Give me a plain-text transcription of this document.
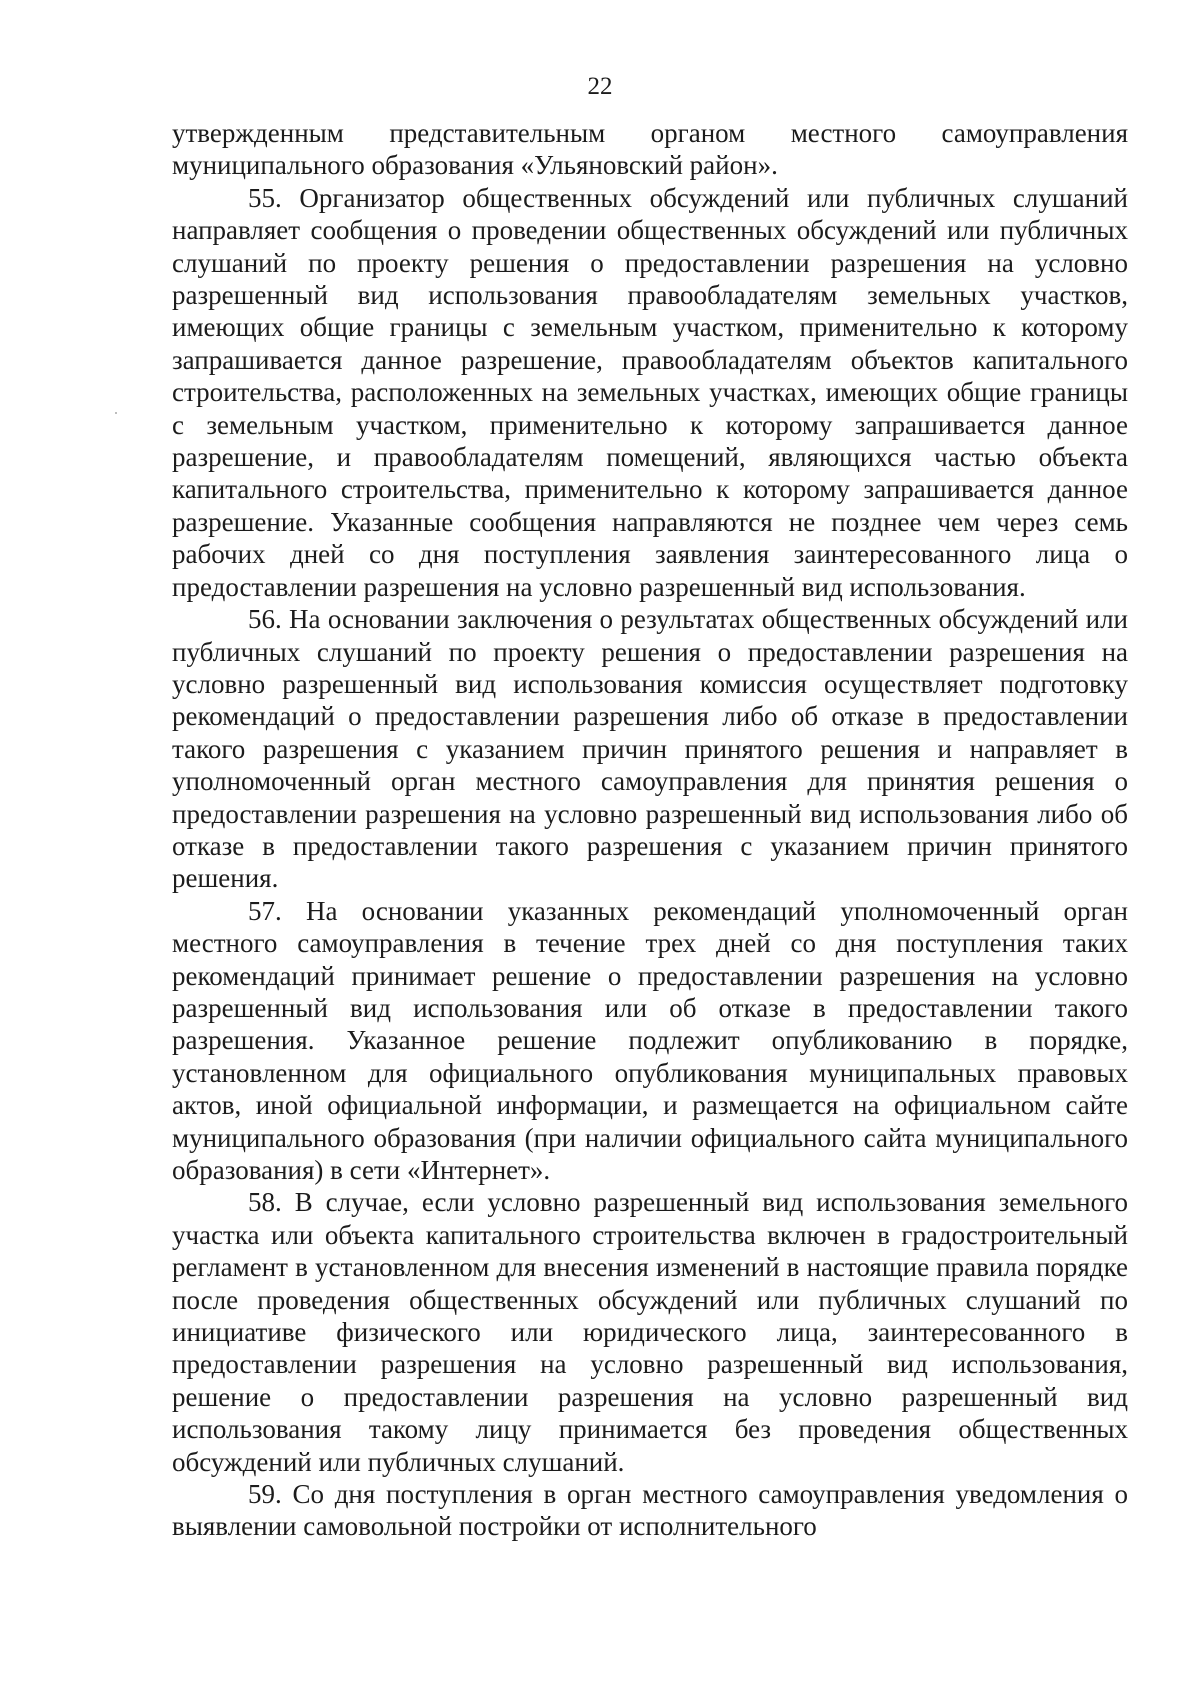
22

утвержденным представительным органом местного самоуправления муниципального образования «Ульяновский район».

55. Организатор общественных обсуждений или публичных слушаний направляет сообщения о проведении общественных обсуждений или публичных слушаний по проекту решения о предоставлении разрешения на условно разрешенный вид использования правообладателям земельных участков, имеющих общие границы с земельным участком, применительно к которому запрашивается данное разрешение, правообладателям объектов капитального строительства, расположенных на земельных участках, имеющих общие границы с земельным участком, применительно к которому запрашивается данное разрешение, и правообладателям помещений, являющихся частью объекта капитального строительства, применительно к которому запрашивается данное разрешение. Указанные сообщения направляются не позднее чем через семь рабочих дней со дня поступления заявления заинтересованного лица о предоставлении разрешения на условно разрешенный вид использования.

56. На основании заключения о результатах общественных обсуждений или публичных слушаний по проекту решения о предоставлении разрешения на условно разрешенный вид использования комиссия осуществляет подготовку рекомендаций о предоставлении разрешения либо об отказе в предоставлении такого разрешения с указанием причин принятого решения и направляет в уполномоченный орган местного самоуправления для принятия решения о предоставлении разрешения на условно разрешенный вид использования либо об отказе в предоставлении такого разрешения с указанием причин принятого решения.

57. На основании указанных рекомендаций уполномоченный орган местного самоуправления в течение трех дней со дня поступления таких рекомендаций принимает решение о предоставлении разрешения на условно разрешенный вид использования или об отказе в предоставлении такого разрешения. Указанное решение подлежит опубликованию в порядке, установленном для официального опубликования муниципальных правовых актов, иной официальной информации, и размещается на официальном сайте муниципального образования (при наличии официального сайта муниципального образования) в сети «Интернет».

58. В случае, если условно разрешенный вид использования земельного участка или объекта капитального строительства включен в градостроительный регламент в установленном для внесения изменений в настоящие правила порядке после проведения общественных обсуждений или публичных слушаний по инициативе физического или юридического лица, заинтересованного в предоставлении разрешения на условно разрешенный вид использования, решение о предоставлении разрешения на условно разрешенный вид использования такому лицу принимается без проведения общественных обсуждений или публичных слушаний.

59. Со дня поступления в орган местного самоуправления уведомления о выявлении самовольной постройки от исполнительного
